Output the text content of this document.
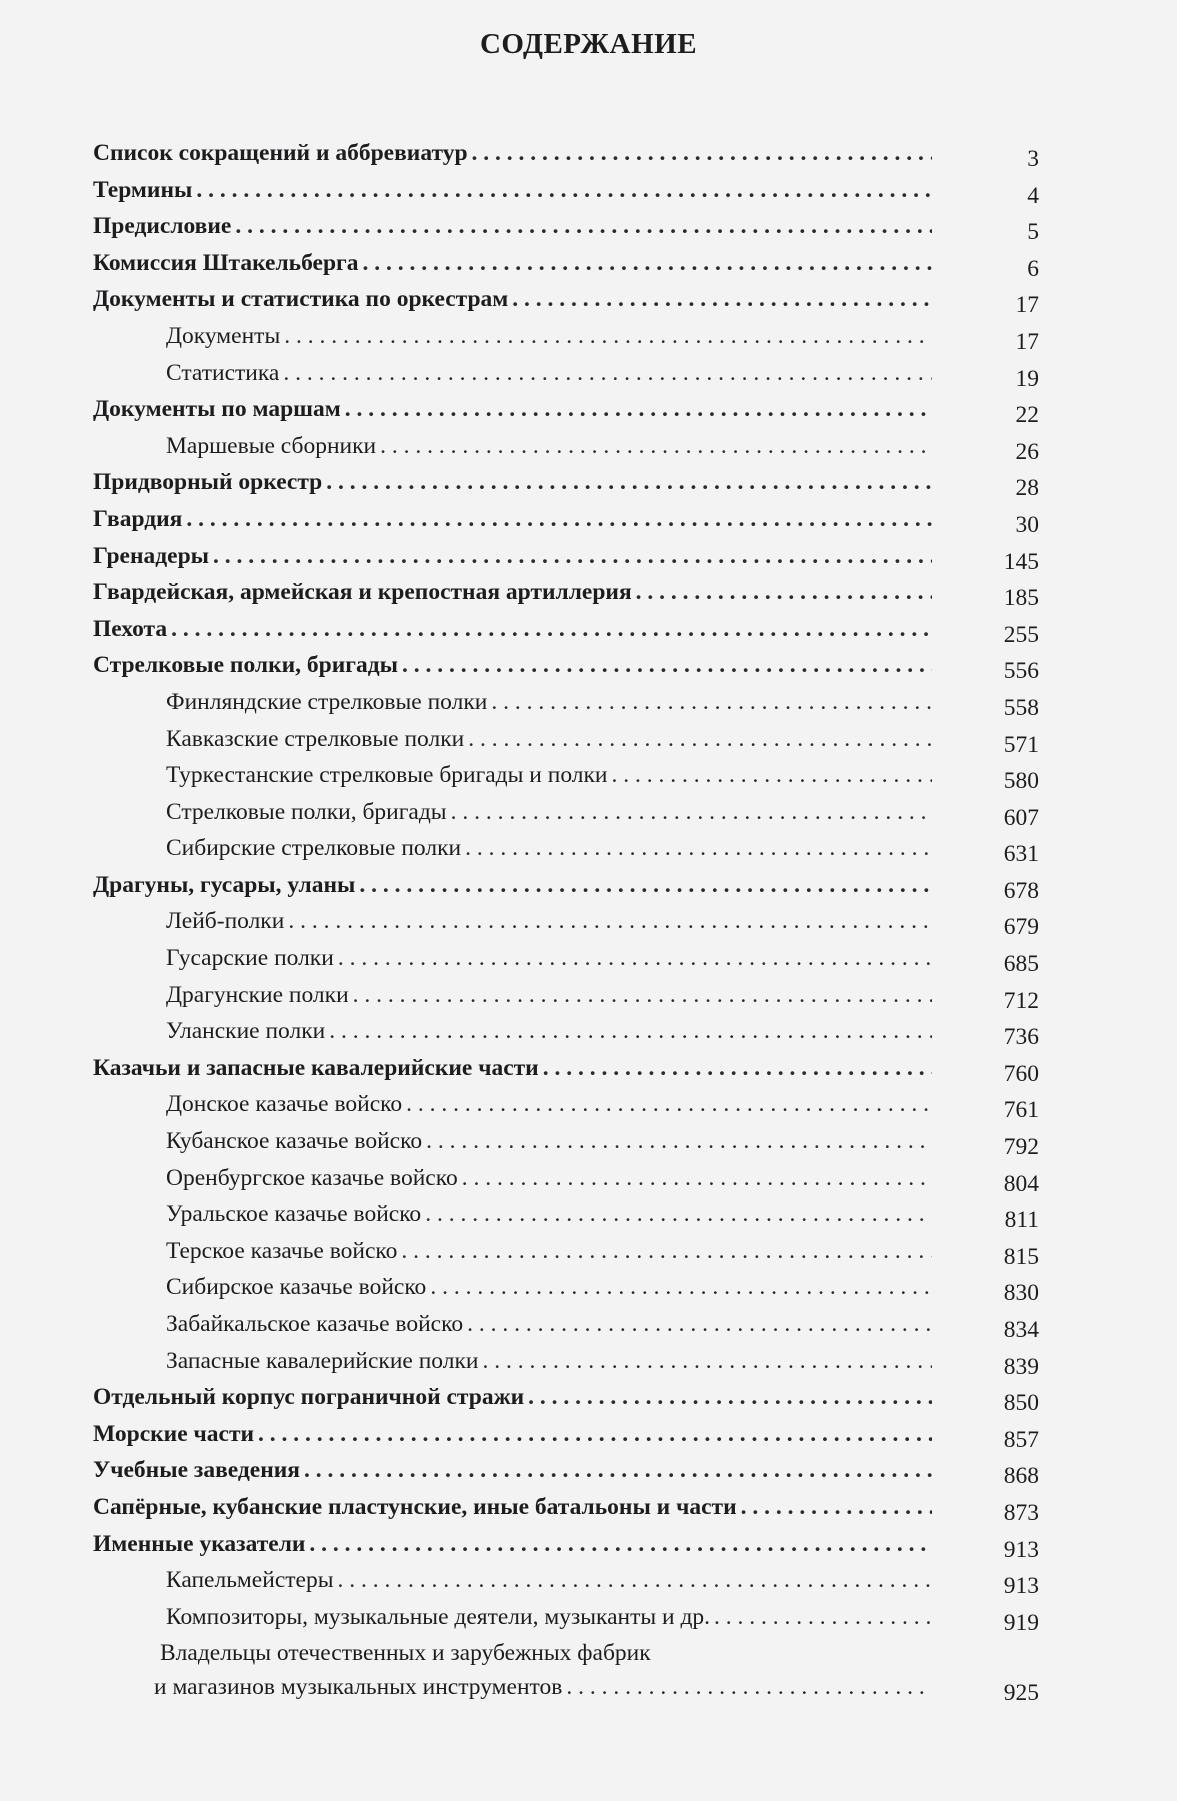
СОДЕРЖАНИЕ
Список сокращений и аббревиатур . . .	3
Термины . . .	4
Предисловие . . .	5
Комиссия Штакельберга . . .	6
Документы и статистика по оркестрам . . .	17
Документы . . .	17
Статистика . . .	19
Документы по маршам . . .	22
Маршевые сборники . . .	26
Придворный оркестр . . .	28
Гвардия . . .	30
Гренадеры . . .	145
Гвардейская, армейская и крепостная артиллерия . . .	185
Пехота . . .	255
Стрелковые полки, бригады . . .	556
Финляндские стрелковые полки . . .	558
Кавказские стрелковые полки . . .	571
Туркестанские стрелковые бригады и полки . . .	580
Стрелковые полки, бригады . . .	607
Сибирские стрелковые полки . . .	631
Драгуны, гусары, уланы . . .	678
Лейб-полки . . .	679
Гусарские полки . . .	685
Драгунские полки . . .	712
Уланские полки . . .	736
Казачьи и запасные кавалерийские части . . .	760
Донское казачье войско . . .	761
Кубанское казачье войско . . .	792
Оренбургское казачье войско . . .	804
Уральское казачье войско . . .	811
Терское казачье войско . . .	815
Сибирское казачье войско . . .	830
Забайкальское казачье войско . . .	834
Запасные кавалерийские полки . . .	839
Отдельный корпус пограничной стражи . . .	850
Морские части . . .	857
Учебные заведения . . .	868
Сапёрные, кубанские пластунские, иные батальоны и части . . .	873
Именные указатели . . .	913
Капельмейстеры . . .	913
Композиторы, музыкальные деятели, музыканты и др. . . .	919
Владельцы отечественных и зарубежных фабрик
и магазинов музыкальных инструментов . . .	925
